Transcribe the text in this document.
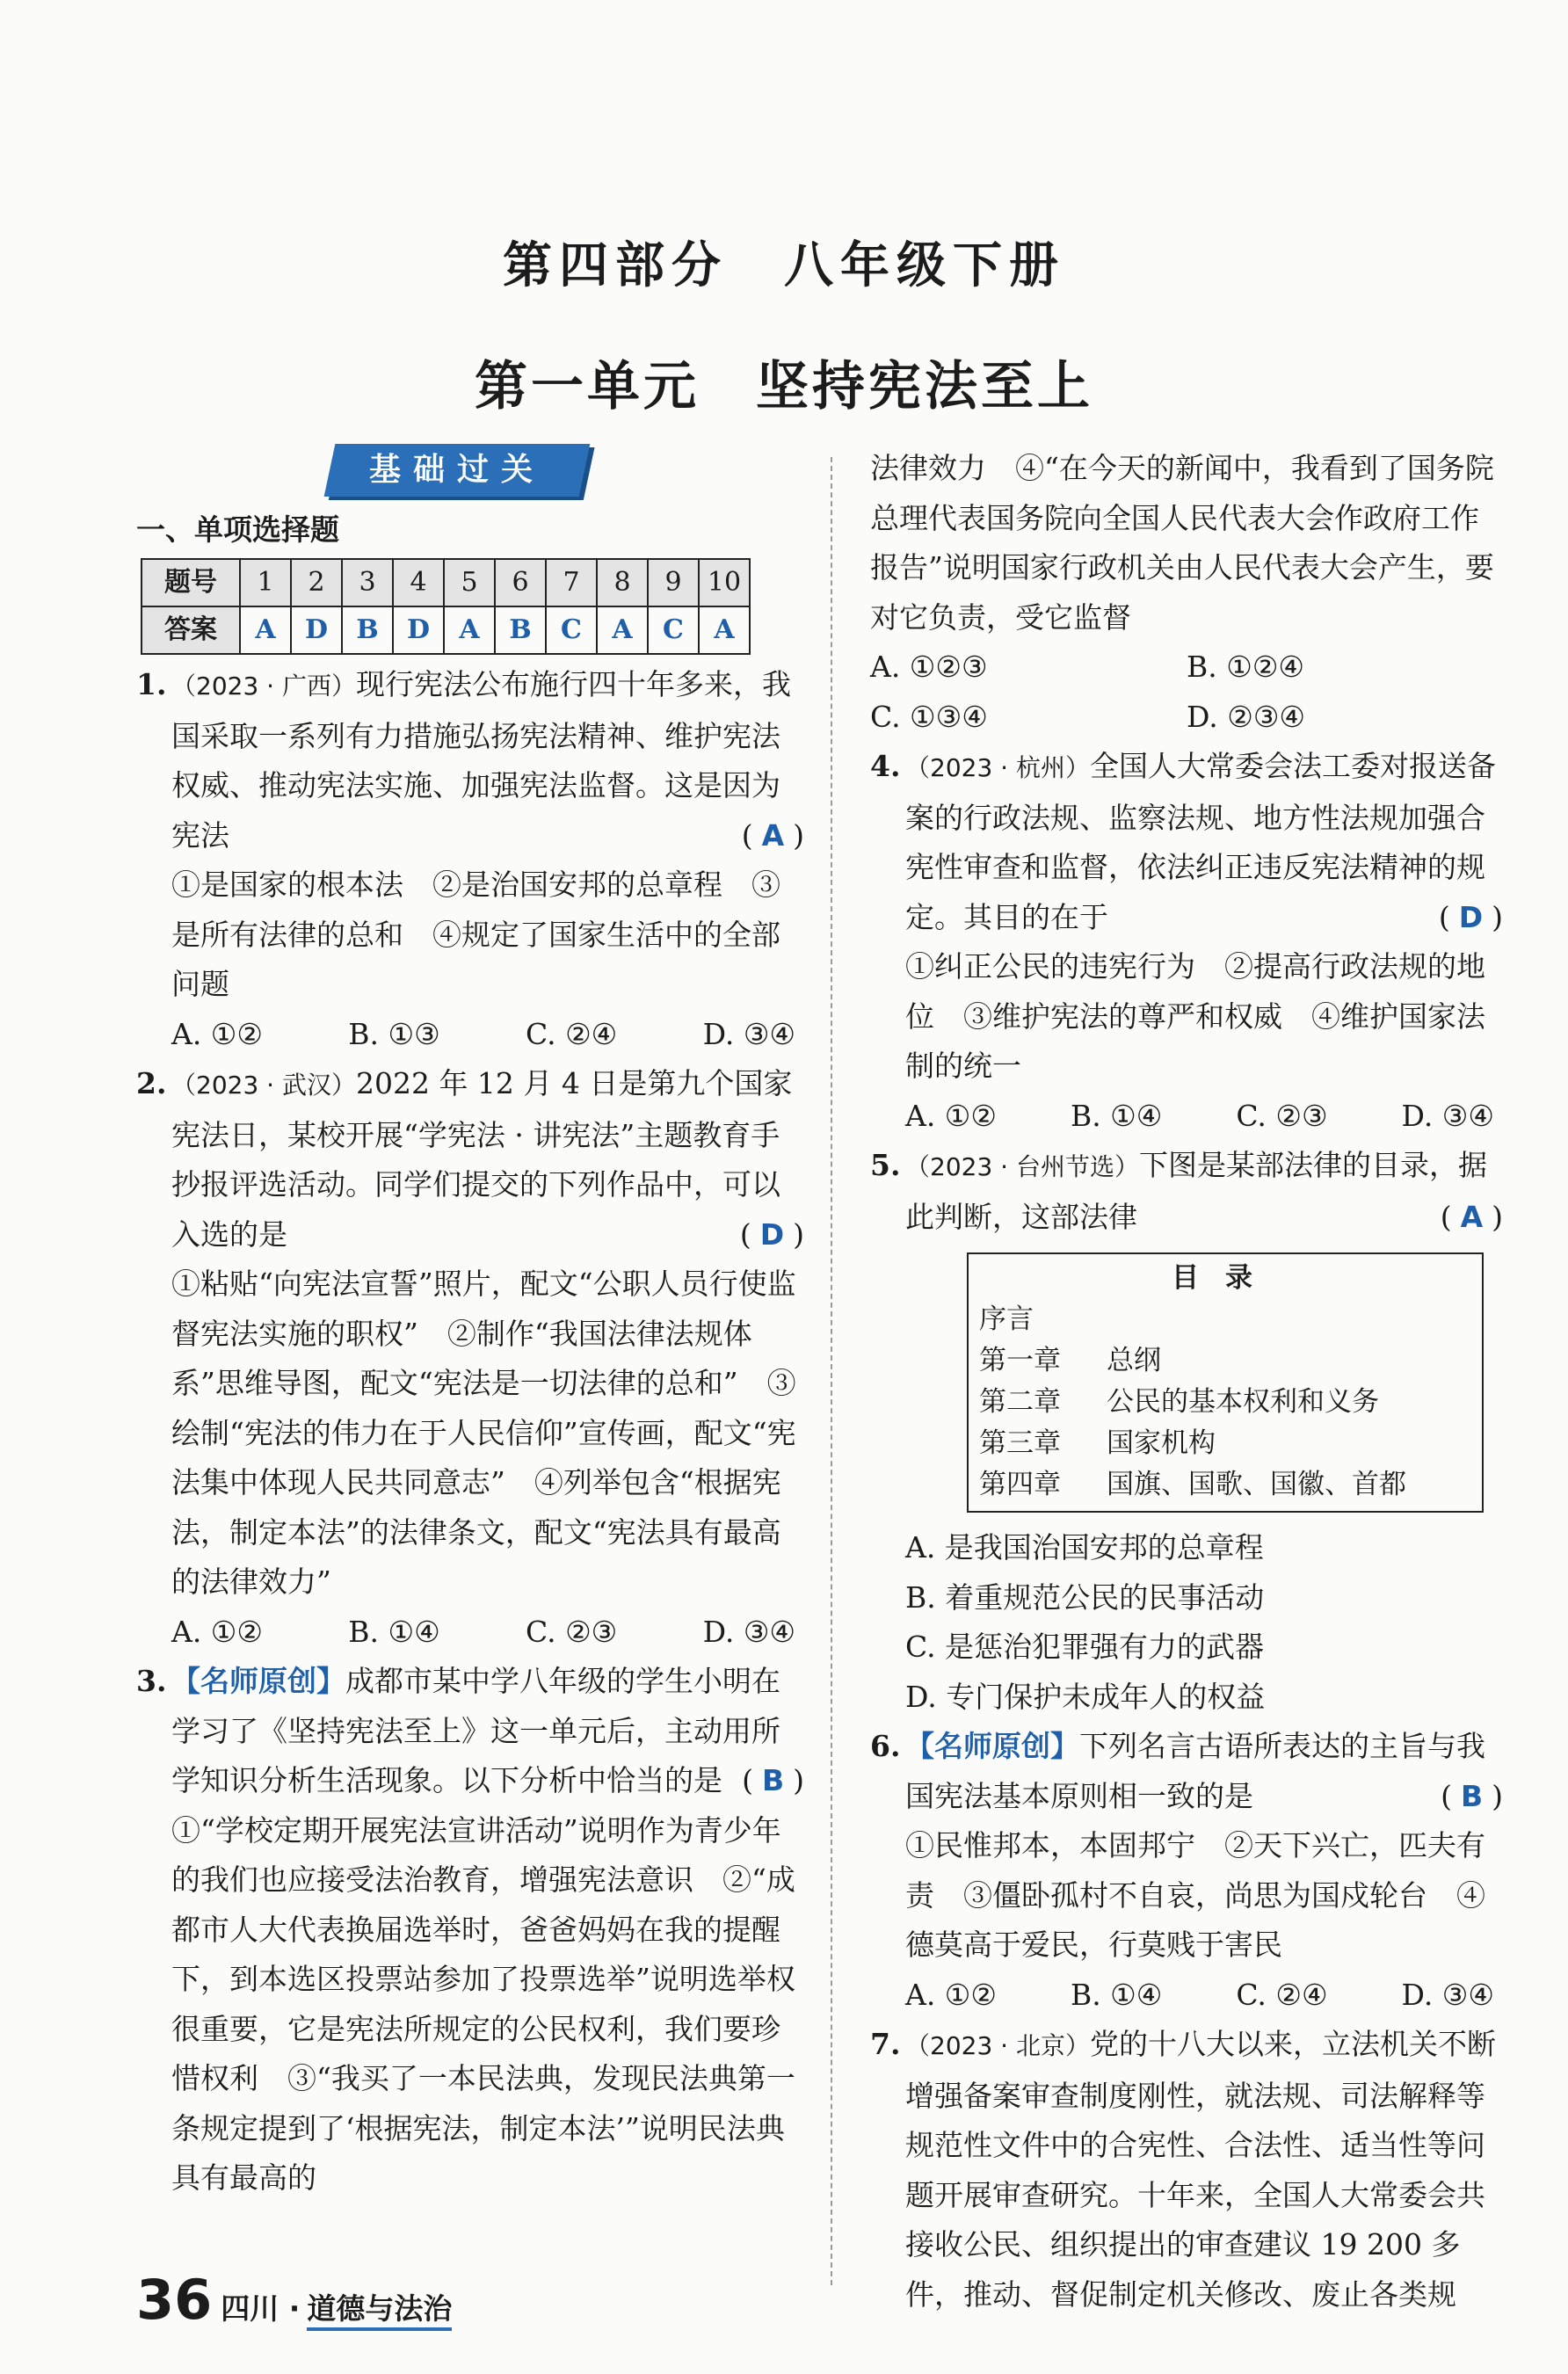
第四部分　八年级下册
第一单元　坚持宪法至上
基础过关
一、单项选择题
题号	1	2	3	4	5	6	7	8	9	10
答案	A	D	B	D	A	B	C	A	C	A
1. （2023 · 广西）现行宪法公布施行四十年多来，我国采取一系列有力措施弘扬宪法精神、维护宪法权威、推动宪法实施、加强宪法监督。这是因为宪法	( A )
①是国家的根本法　②是治国安邦的总章程　③是所有法律的总和　④规定了国家生活中的全部问题
A. ①②	B. ①③	C. ②④	D. ③④
2. （2023 · 武汉）2022 年 12 月 4 日是第九个国家宪法日，某校开展“学宪法 · 讲宪法”主题教育手抄报评选活动。同学们提交的下列作品中，可以入选的是	( D )
①粘贴“向宪法宣誓”照片，配文“公职人员行使监督宪法实施的职权”　②制作“我国法律法规体系”思维导图，配文“宪法是一切法律的总和”　③绘制“宪法的伟力在于人民信仰”宣传画，配文“宪法集中体现人民共同意志”　④列举包含“根据宪法，制定本法”的法律条文，配文“宪法具有最高的法律效力”
A. ①②	B. ①④	C. ②③	D. ③④
3. 【名师原创】成都市某中学八年级的学生小明在学习了《坚持宪法至上》这一单元后，主动用所学知识分析生活现象。以下分析中恰当的是 ( B )
①“学校定期开展宪法宣讲活动”说明作为青少年的我们也应接受法治教育，增强宪法意识　②“成都市人大代表换届选举时，爸爸妈妈在我的提醒下，到本选区投票站参加了投票选举”说明选举权很重要，它是宪法所规定的公民权利，我们要珍惜权利　③“我买了一本民法典，发现民法典第一条规定提到了‘根据宪法，制定本法’”说明民法典具有最高的
法律效力　④“在今天的新闻中，我看到了国务院总理代表国务院向全国人民代表大会作政府工作报告”说明国家行政机关由人民代表大会产生，要对它负责，受它监督
A. ①②③	B. ①②④
C. ①③④	D. ②③④
4. （2023 · 杭州）全国人大常委会法工委对报送备案的行政法规、监察法规、地方性法规加强合宪性审查和监督，依法纠正违反宪法精神的规定。其目的在于	( D )
①纠正公民的违宪行为　②提高行政法规的地位　③维护宪法的尊严和权威　④维护国家法制的统一
A. ①②	B. ①④	C. ②③	D. ③④
5. （2023 · 台州节选）下图是某部法律的目录，据此判断，这部法律	( A )
目录
序言
第一章 总纲
第二章 公民的基本权利和义务
第三章 国家机构
第四章 国旗、国歌、国徽、首都
A. 是我国治国安邦的总章程
B. 着重规范公民的民事活动
C. 是惩治犯罪强有力的武器
D. 专门保护未成年人的权益
6. 【名师原创】下列名言古语所表达的主旨与我国宪法基本原则相一致的是	( B )
①民惟邦本，本固邦宁　②天下兴亡，匹夫有责　③僵卧孤村不自哀，尚思为国戍轮台　④德莫高于爱民，行莫贱于害民
A. ①②	B. ①④	C. ②④	D. ③④
7. （2023 · 北京）党的十八大以来，立法机关不断增强备案审查制度刚性，就法规、司法解释等规范性文件中的合宪性、合法性、适当性等问题开展审查研究。十年来，全国人大常委会共接收公民、组织提出的审查建议 19 200 多件，推动、督促制定机关修改、废止各类规
36 四川 · 道德与法治
